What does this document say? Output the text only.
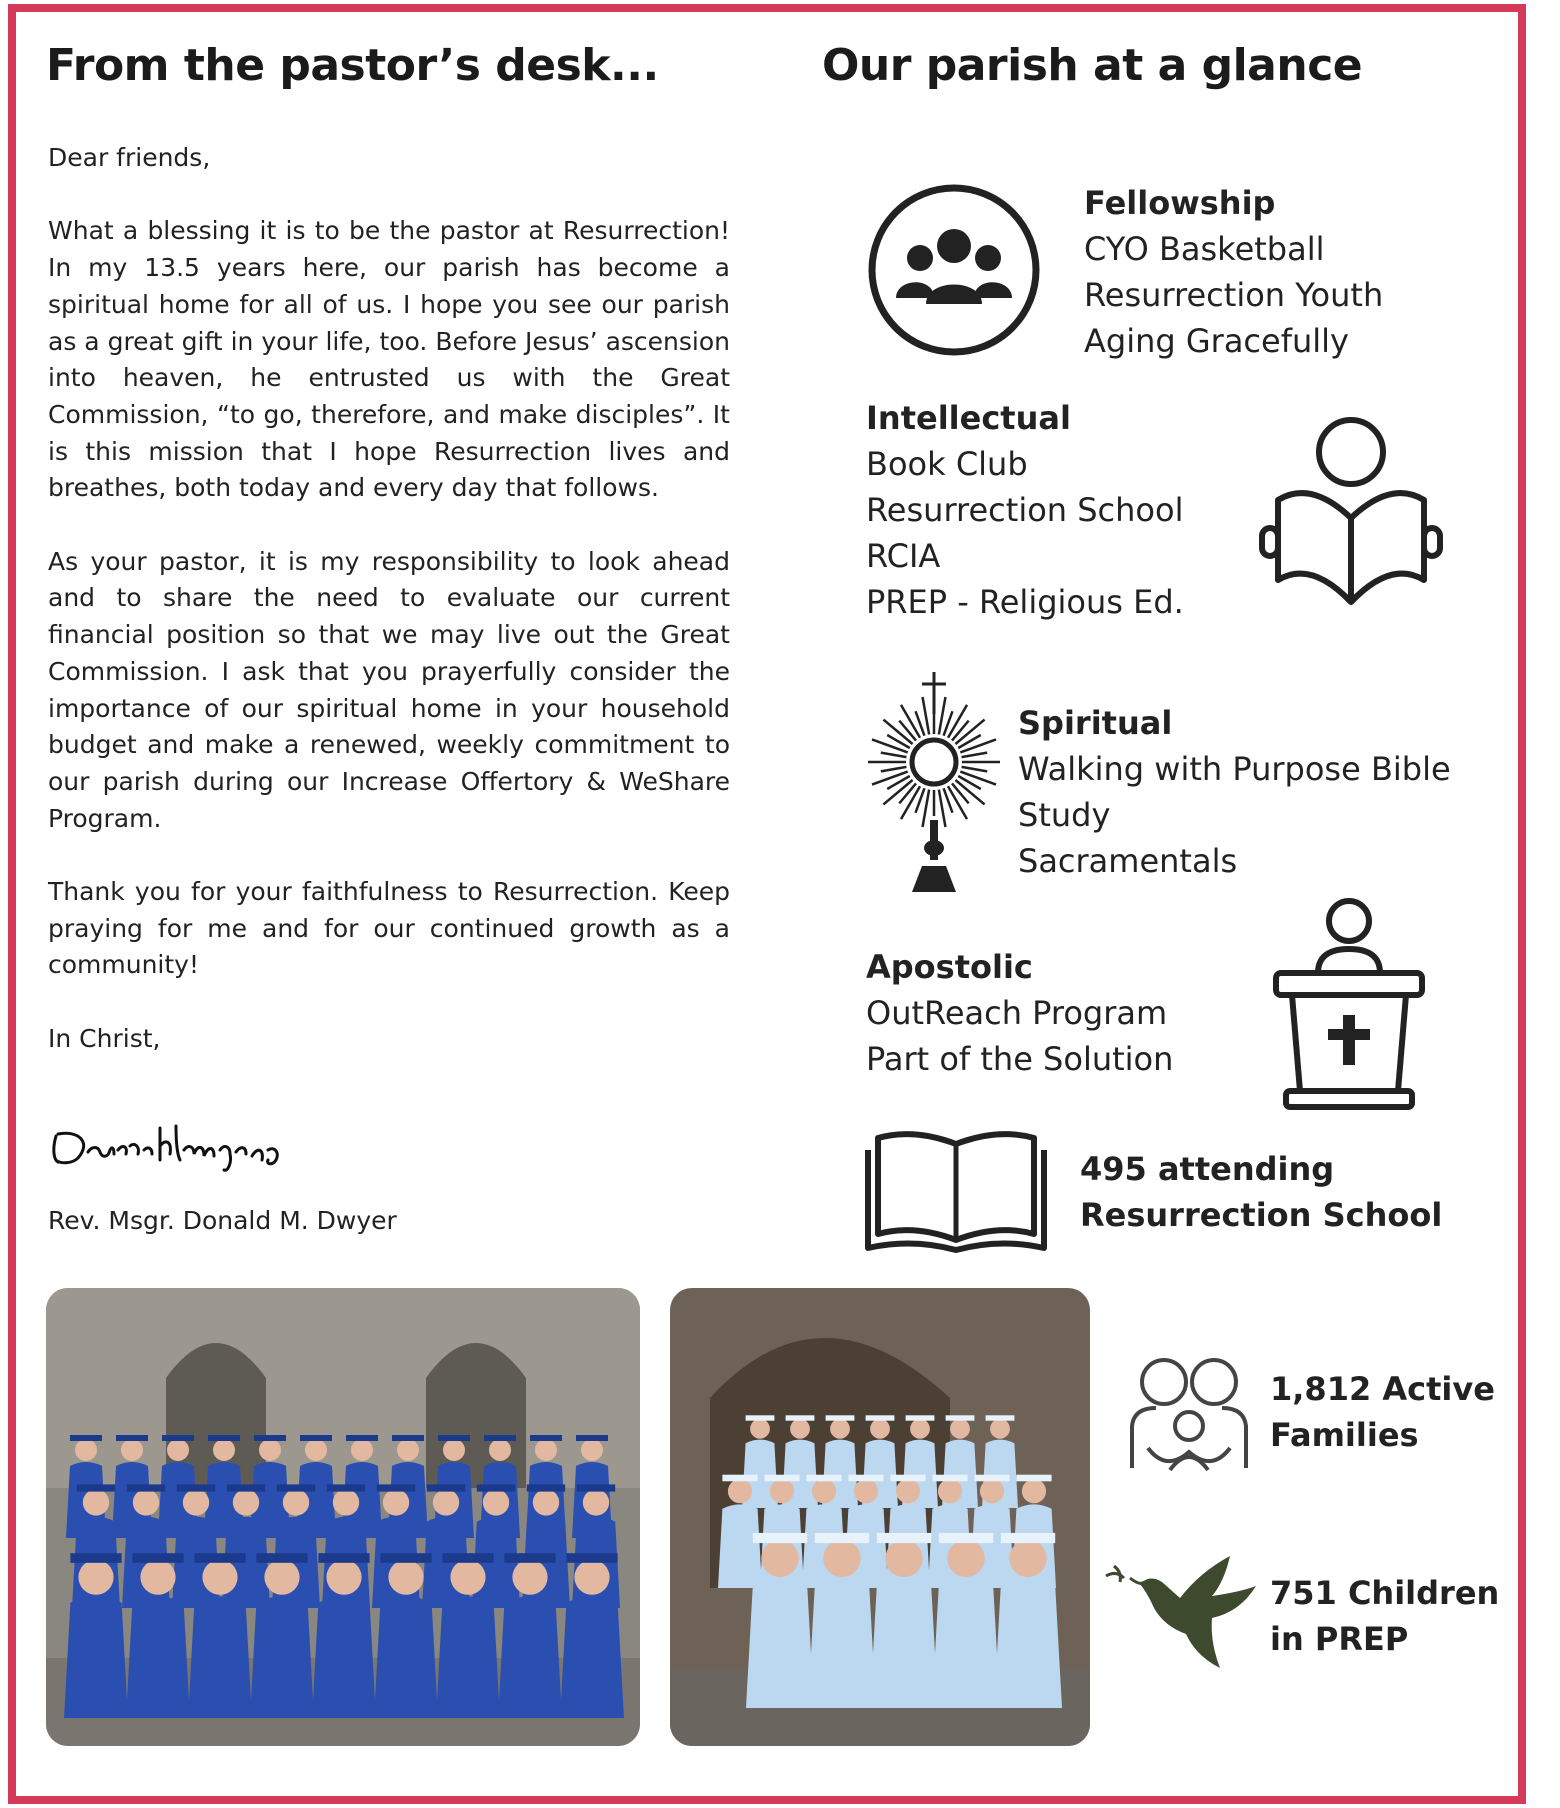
From the pastor’s desk...	Our parish at a glance

Dear friends,

What a blessing it is to be the pastor at Resurrection! In my 13.5 years here, our parish has become a spiritual home for all of us. I hope you see our parish as a great gift in your life, too. Before Jesus’ ascension into heaven, he entrusted us with the Great Commission, “to go, therefore, and make disciples”. It is this mission that I hope Resurrection lives and breathes, both today and every day that follows.

As your pastor, it is my responsibility to look ahead and to share the need to evaluate our current financial position so that we may live out the Great Commission. I ask that you prayerfully consider the importance of our spiritual home in your household budget and make a renewed, weekly commitment to our parish during our Increase Offertory & WeShare Program.

Thank you for your faithfulness to Resurrection. Keep praying for me and for our continued growth as a community!

In Christ,

Rev. Msgr. Donald M. Dwyer
Fellowship
CYO Basketball
Resurrection Youth
Aging Gracefully
Intellectual
Book Club
Resurrection School
RCIA
PREP - Religious Ed.
Spiritual
Walking with Purpose Bible
Study
Sacramentals
Apostolic
OutReach Program
Part of the Solution
495 attending
Resurrection School
1,812 Active
Families
751 Children
in PREP
